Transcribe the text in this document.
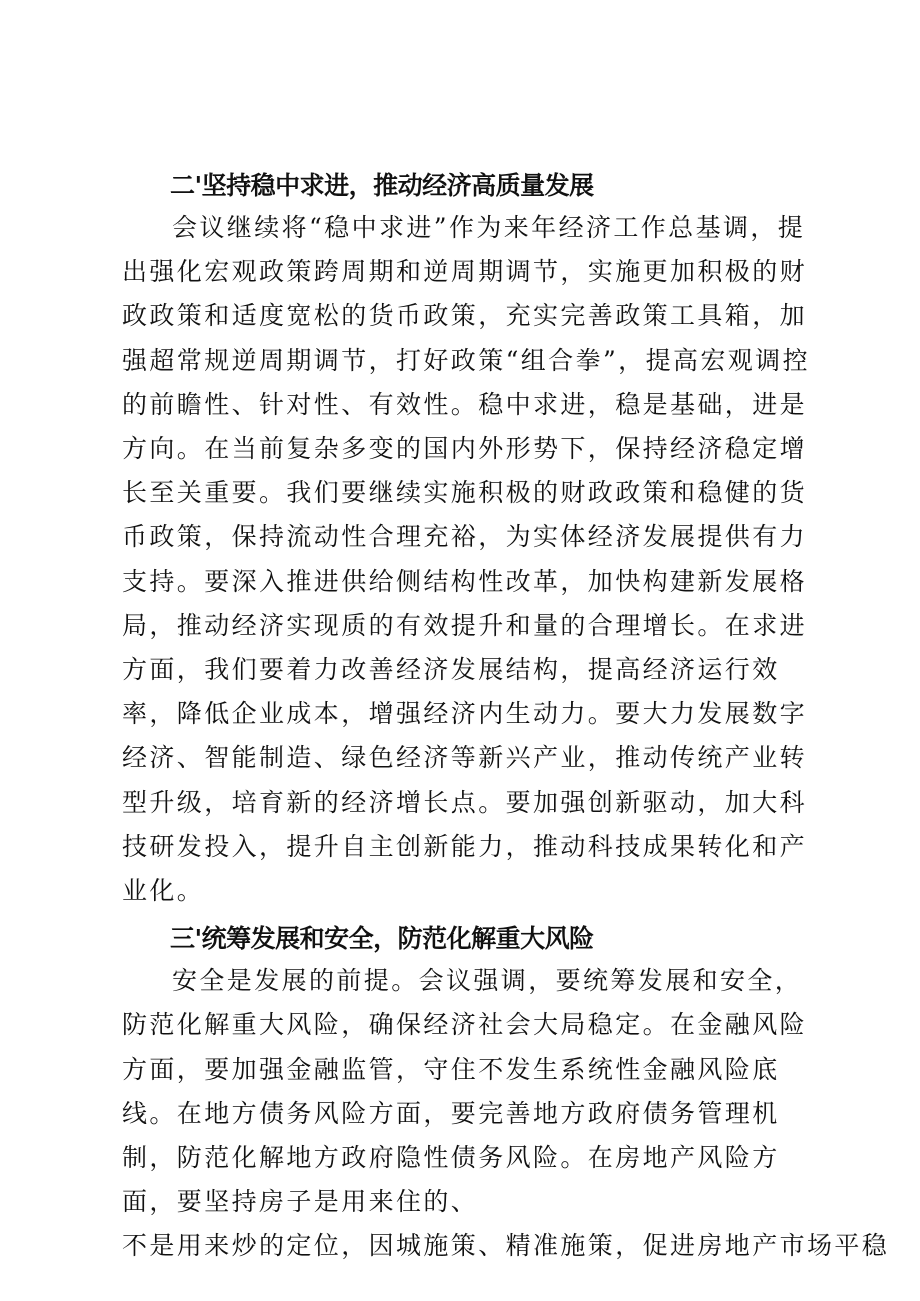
二'坚持稳中求进，推动经济高质量发展

会议继续将“稳中求进”作为来年经济工作总基调，提出强化宏观政策跨周期和逆周期调节，实施更加积极的财政政策和适度宽松的货币政策，充实完善政策工具箱，加强超常规逆周期调节，打好政策“组合拳”，提高宏观调控的前瞻性、针对性、有效性。稳中求进，稳是基础，进是方向。在当前复杂多变的国内外形势下，保持经济稳定增长至关重要。我们要继续实施积极的财政政策和稳健的货币政策，保持流动性合理充裕，为实体经济发展提供有力支持。要深入推进供给侧结构性改革，加快构建新发展格局，推动经济实现质的有效提升和量的合理增长。在求进方面，我们要着力改善经济发展结构，提高经济运行效率，降低企业成本，增强经济内生动力。要大力发展数字经济、智能制造、绿色经济等新兴产业，推动传统产业转型升级，培育新的经济增长点。要加强创新驱动，加大科技研发投入，提升自主创新能力，推动科技成果转化和产业化。

三'统筹发展和安全，防范化解重大风险

安全是发展的前提。会议强调，要统筹发展和安全，防范化解重大风险，确保经济社会大局稳定。在金融风险方面，要加强金融监管，守住不发生系统性金融风险底线。在地方债务风险方面，要完善地方政府债务管理机制，防范化解地方政府隐性债务风险。在房地产风险方面，要坚持房子是用来住的、

不是用来炒的定位，因城施策、精准施策，促进房地产市场平稳
